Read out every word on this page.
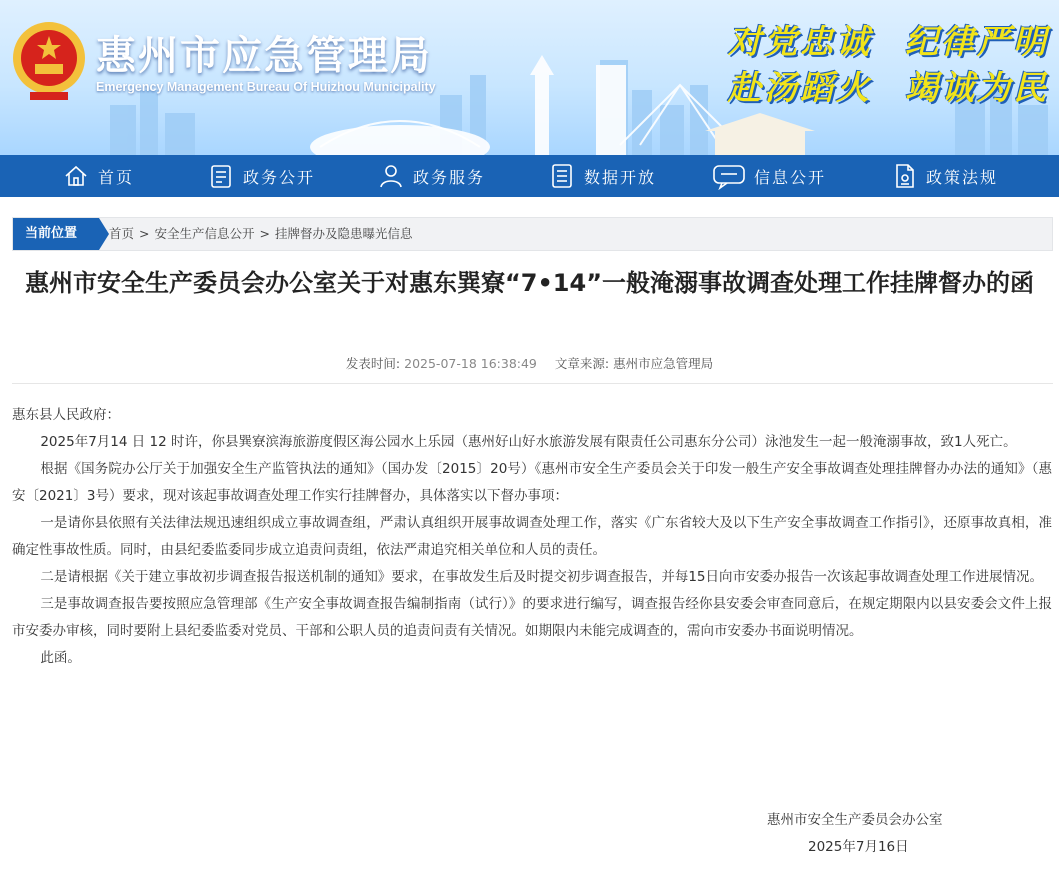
惠州市应急管理局
Emergency Management Bureau Of Huizhou Municipality
对党忠诚 纪律严明
赴汤蹈火 竭诚为民
首页	政务公开	政务服务	数据开放	信息公开	政策法规
当前位置	首页 > 安全生产信息公开 > 挂牌督办及隐患曝光信息
惠州市安全生产委员会办公室关于对惠东巽寮“7•14”一般淹溺事故调查处理工作挂牌督办的函
发表时间: 2025-07-18 16:38:49 文章来源: 惠州市应急管理局

惠东县人民政府：

2025年7月14 日 12 时许，你县巽寮滨海旅游度假区海公园水上乐园（惠州好山好水旅游发展有限责任公司惠东分公司）泳池发生一起一般淹溺事故，致1人死亡。

根据《国务院办公厅关于加强安全生产监管执法的通知》（国办发〔2015〕20号）《惠州市安全生产委员会关于印发一般生产安全事故调查处理挂牌督办办法的通知》（惠安〔2021〕3号）要求，现对该起事故调查处理工作实行挂牌督办，具体落实以下督办事项：

一是请你县依照有关法律法规迅速组织成立事故调查组，严肃认真组织开展事故调查处理工作，落实《广东省较大及以下生产安全事故调查工作指引》，还原事故真相，准确定性事故性质。同时，由县纪委监委同步成立追责问责组，依法严肃追究相关单位和人员的责任。

二是请根据《关于建立事故初步调查报告报送机制的通知》要求，在事故发生后及时提交初步调查报告，并每15日向市安委办报告一次该起事故调查处理工作进展情况。

三是事故调查报告要按照应急管理部《生产安全事故调查报告编制指南（试行）》的要求进行编写，调查报告经你县安委会审查同意后，在规定期限内以县安委会文件上报市安委办审核，同时要附上县纪委监委对党员、干部和公职人员的追责问责有关情况。如期限内未能完成调查的，需向市安委办书面说明情况。

此函。

惠州市安全生产委员会办公室
2025年7月16日
